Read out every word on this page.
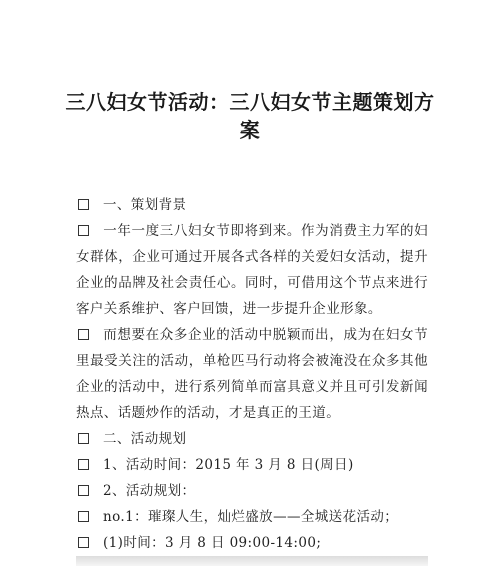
三八妇女节活动：三八妇女节主题策划方案

一、策划背景

一年一度三八妇女节即将到来。作为消费主力军的妇女群体，企业可通过开展各式各样的关爱妇女活动，提升企业的品牌及社会责任心。同时，可借用这个节点来进行客户关系维护、客户回馈，进一步提升企业形象。

而想要在众多企业的活动中脱颖而出，成为在妇女节里最受关注的活动，单枪匹马行动将会被淹没在众多其他企业的活动中，进行系列简单而富具意义并且可引发新闻热点、话题炒作的活动，才是真正的王道。

二、活动规划

1、活动时间：2015 年 3 月 8 日(周日)

2、活动规划：

no.1：璀璨人生，灿烂盛放——全城送花活动；

(1)时间：3 月 8 日 09:00-14:00;
